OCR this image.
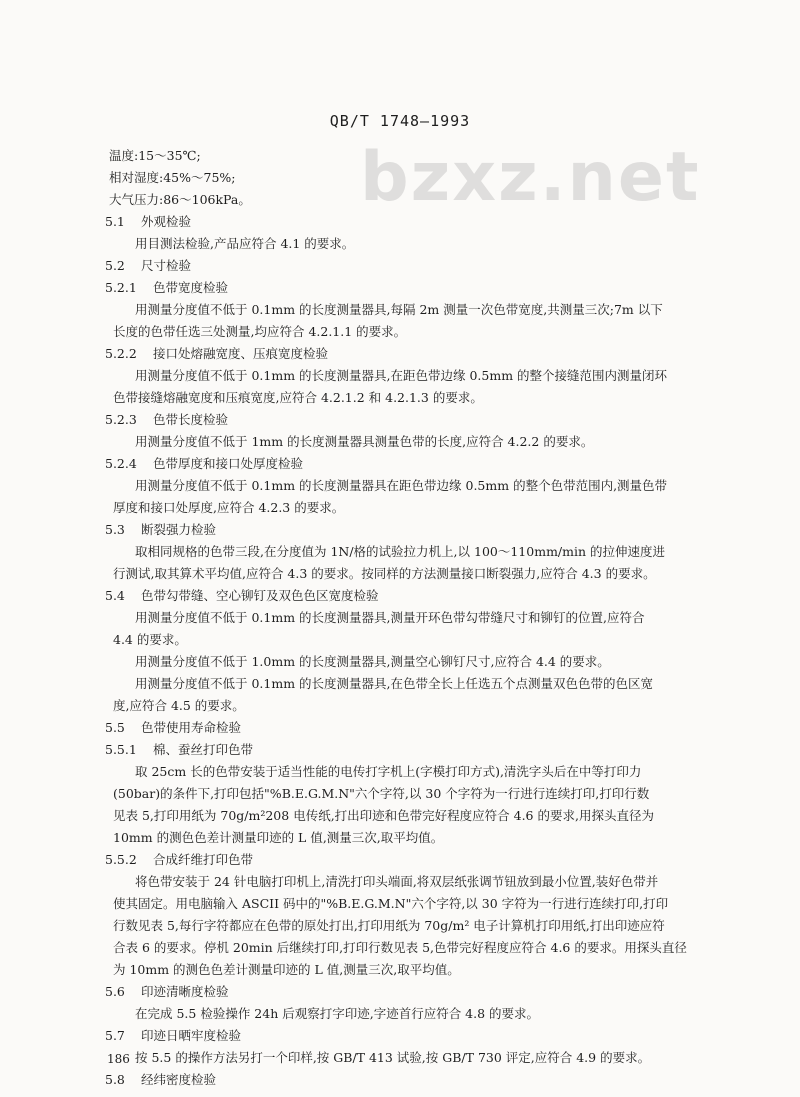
QB/T 1748—1993
bzxz.net
温度:15～35℃;
相对湿度:45%～75%;
大气压力:86～106kPa。
5.1 外观检验
用目测法检验,产品应符合 4.1 的要求。
5.2 尺寸检验
5.2.1 色带宽度检验
用测量分度值不低于 0.1mm 的长度测量器具,每隔 2m 测量一次色带宽度,共测量三次;7m 以下
长度的色带任选三处测量,均应符合 4.2.1.1 的要求。
5.2.2 接口处熔融宽度、压痕宽度检验
用测量分度值不低于 0.1mm 的长度测量器具,在距色带边缘 0.5mm 的整个接缝范围内测量闭环
色带接缝熔融宽度和压痕宽度,应符合 4.2.1.2 和 4.2.1.3 的要求。
5.2.3 色带长度检验
用测量分度值不低于 1mm 的长度测量器具测量色带的长度,应符合 4.2.2 的要求。
5.2.4 色带厚度和接口处厚度检验
用测量分度值不低于 0.1mm 的长度测量器具在距色带边缘 0.5mm 的整个色带范围内,测量色带
厚度和接口处厚度,应符合 4.2.3 的要求。
5.3 断裂强力检验
取相同规格的色带三段,在分度值为 1N/格的试验拉力机上,以 100～110mm/min 的拉伸速度进
行测试,取其算术平均值,应符合 4.3 的要求。按同样的方法测量接口断裂强力,应符合 4.3 的要求。
5.4 色带勾带缝、空心铆钉及双色色区宽度检验
用测量分度值不低于 0.1mm 的长度测量器具,测量开环色带勾带缝尺寸和铆钉的位置,应符合
4.4 的要求。
用测量分度值不低于 1.0mm 的长度测量器具,测量空心铆钉尺寸,应符合 4.4 的要求。
用测量分度值不低于 0.1mm 的长度测量器具,在色带全长上任选五个点测量双色色带的色区宽
度,应符合 4.5 的要求。
5.5 色带使用寿命检验
5.5.1 棉、蚕丝打印色带
取 25cm 长的色带安装于适当性能的电传打字机上(字模打印方式),清洗字头后在中等打印力
(50bar)的条件下,打印包括"%B.E.G.M.N"六个字符,以 30 个字符为一行进行连续打印,打印行数
见表 5,打印用纸为 70g/m²208 电传纸,打出印迹和色带完好程度应符合 4.6 的要求,用探头直径为
10mm 的测色色差计测量印迹的 L 值,测量三次,取平均值。
5.5.2 合成纤维打印色带
将色带安装于 24 针电脑打印机上,清洗打印头端面,将双层纸张调节钮放到最小位置,装好色带并
使其固定。用电脑输入 ASCII 码中的"%B.E.G.M.N"六个字符,以 30 字符为一行进行连续打印,打印
行数见表 5,每行字符都应在色带的原处打出,打印用纸为 70g/m² 电子计算机打印用纸,打出印迹应符
合表 6 的要求。停机 20min 后继续打印,打印行数见表 5,色带完好程度应符合 4.6 的要求。用探头直径
为 10mm 的测色色差计测量印迹的 L 值,测量三次,取平均值。
5.6 印迹清晰度检验
在完成 5.5 检验操作 24h 后观察打字印迹,字迹首行应符合 4.8 的要求。
5.7 印迹日晒牢度检验
按 5.5 的操作方法另打一个印样,按 GB/T 413 试验,按 GB/T 730 评定,应符合 4.9 的要求。
5.8 经纬密度检验
186
